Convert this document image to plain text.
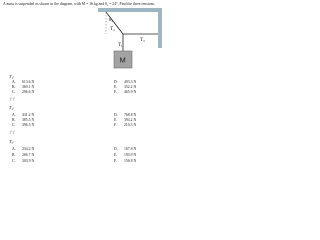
A mass is suspended as shown in the diagram, with M = 16.kg and θ₂ = 24°. Find the three tensions.
M
θ₂
T₂
T₁
T₃
T₁:
A. 613.6 N
B. 369.1 N
C. 296.6 N
D. 403.3 N
E. 352.2 N
F. 465.9 N
f−f
T₂:
A. 431.2 N
B. 385.5 N
C. 396.5 N
D. 768.8 N
E. 394.2 N
F. 210.3 N
f−f
T₃:
A. 234.2 N
B. 266.7 N
C. 303.9 N
D. 167.8 N
E. 193.9 N
F. 156.8 N
